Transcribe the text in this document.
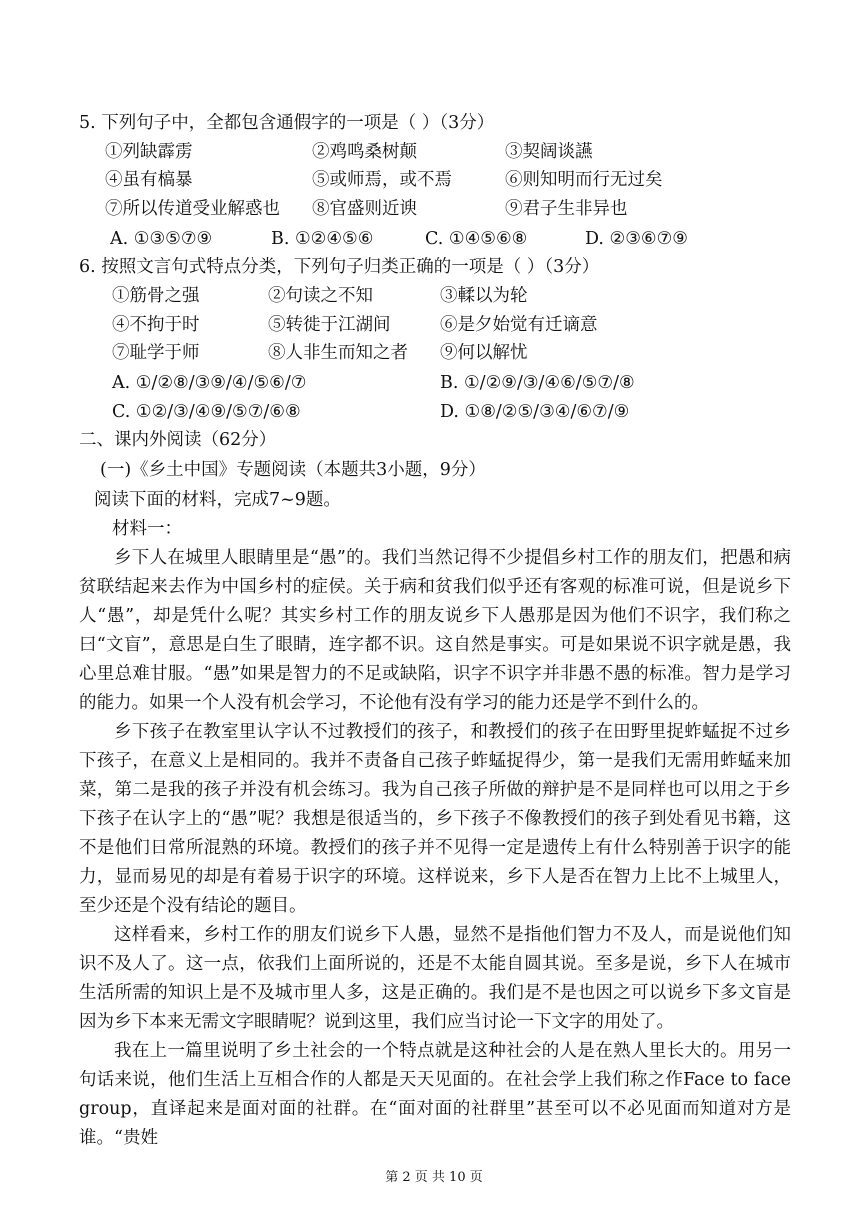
5. 下列句子中，全都包含通假字的一项是（ ）（3分）
①列缺霹雳	②鸡鸣桑树颠	③契阔谈讌
④虽有槁暴	⑤或师焉，或不焉	⑥则知明而行无过矣
⑦所以传道受业解惑也 ⑧官盛则近谀	⑨君子生非异也
A. ①③⑤⑦⑨	B. ①②④⑤⑥	C. ①④⑤⑥⑧	D. ②③⑥⑦⑨
6. 按照文言句式特点分类，下列句子归类正确的一项是（ ）（3分）
①筋骨之强	②句读之不知	③輮以为轮
④不拘于时	⑤转徙于江湖间	⑥是夕始觉有迁谪意
⑦耻学于师	⑧人非生而知之者 ⑨何以解忧
A. ①/②⑧/③⑨/④/⑤⑥/⑦	B. ①/②⑨/③/④⑥/⑤⑦/⑧
C. ①②/③/④⑨/⑤⑦/⑥⑧	D. ①⑧/②⑤/③④/⑥⑦/⑨
二、课内外阅读（62分）
(一)《乡土中国》专题阅读（本题共3小题，9分）
阅读下面的材料，完成7~9题。
材料一：
乡下人在城里人眼睛里是“愚”的。我们当然记得不少提倡乡村工作的朋友们，把愚和病贫联结起来去作为中国乡村的症侯。关于病和贫我们似乎还有客观的标准可说，但是说乡下人“愚”，却是凭什么呢？其实乡村工作的朋友说乡下人愚那是因为他们不识字，我们称之曰“文盲”，意思是白生了眼睛，连字都不识。这自然是事实。可是如果说不识字就是愚，我心里总难甘服。“愚”如果是智力的不足或缺陷，识字不识字并非愚不愚的标准。智力是学习的能力。如果一个人没有机会学习，不论他有没有学习的能力还是学不到什么的。
乡下孩子在教室里认字认不过教授们的孩子，和教授们的孩子在田野里捉蚱蜢捉不过乡下孩子，在意义上是相同的。我并不责备自己孩子蚱蜢捉得少，第一是我们无需用蚱蜢来加菜，第二是我的孩子并没有机会练习。我为自己孩子所做的辩护是不是同样也可以用之于乡下孩子在认字上的“愚”呢？我想是很适当的，乡下孩子不像教授们的孩子到处看见书籍，这不是他们日常所混熟的环境。教授们的孩子并不见得一定是遗传上有什么特别善于识字的能力，显而易见的却是有着易于识字的环境。这样说来，乡下人是否在智力上比不上城里人，至少还是个没有结论的题目。
这样看来，乡村工作的朋友们说乡下人愚，显然不是指他们智力不及人，而是说他们知识不及人了。这一点，依我们上面所说的，还是不太能自圆其说。至多是说，乡下人在城市生活所需的知识上是不及城市里人多，这是正确的。我们是不是也因之可以说乡下多文盲是因为乡下本来无需文字眼睛呢？说到这里，我们应当讨论一下文字的用处了。
我在上一篇里说明了乡土社会的一个特点就是这种社会的人是在熟人里长大的。用另一句话来说，他们生活上互相合作的人都是天天见面的。在社会学上我们称之作Face to face group，直译起来是面对面的社群。在“面对面的社群里”甚至可以不必见面而知道对方是谁。“贵姓
第 2 页 共 10 页
